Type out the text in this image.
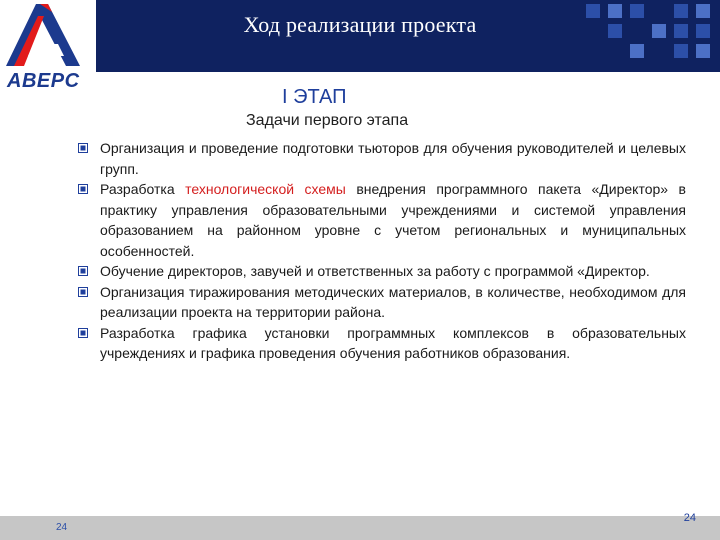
Ход реализации проекта
АВЕРС
I ЭТАП
Задачи первого этапа
Организация и проведение подготовки тьюторов для обучения руководителей и целевых групп.
Разработка технологической схемы внедрения программного пакета «Директор» в практику управления образовательными учреждениями и системой управления образованием на районном уровне с учетом региональных и муниципальных особенностей.
Обучение директоров, завучей и ответственных за работу с программой «Директор.
Организация тиражирования методических материалов, в количестве, необходимом для реализации проекта на территории района.
Разработка графика установки программных комплексов в образовательных учреждениях и графика проведения обучения работников образования.
24
24
